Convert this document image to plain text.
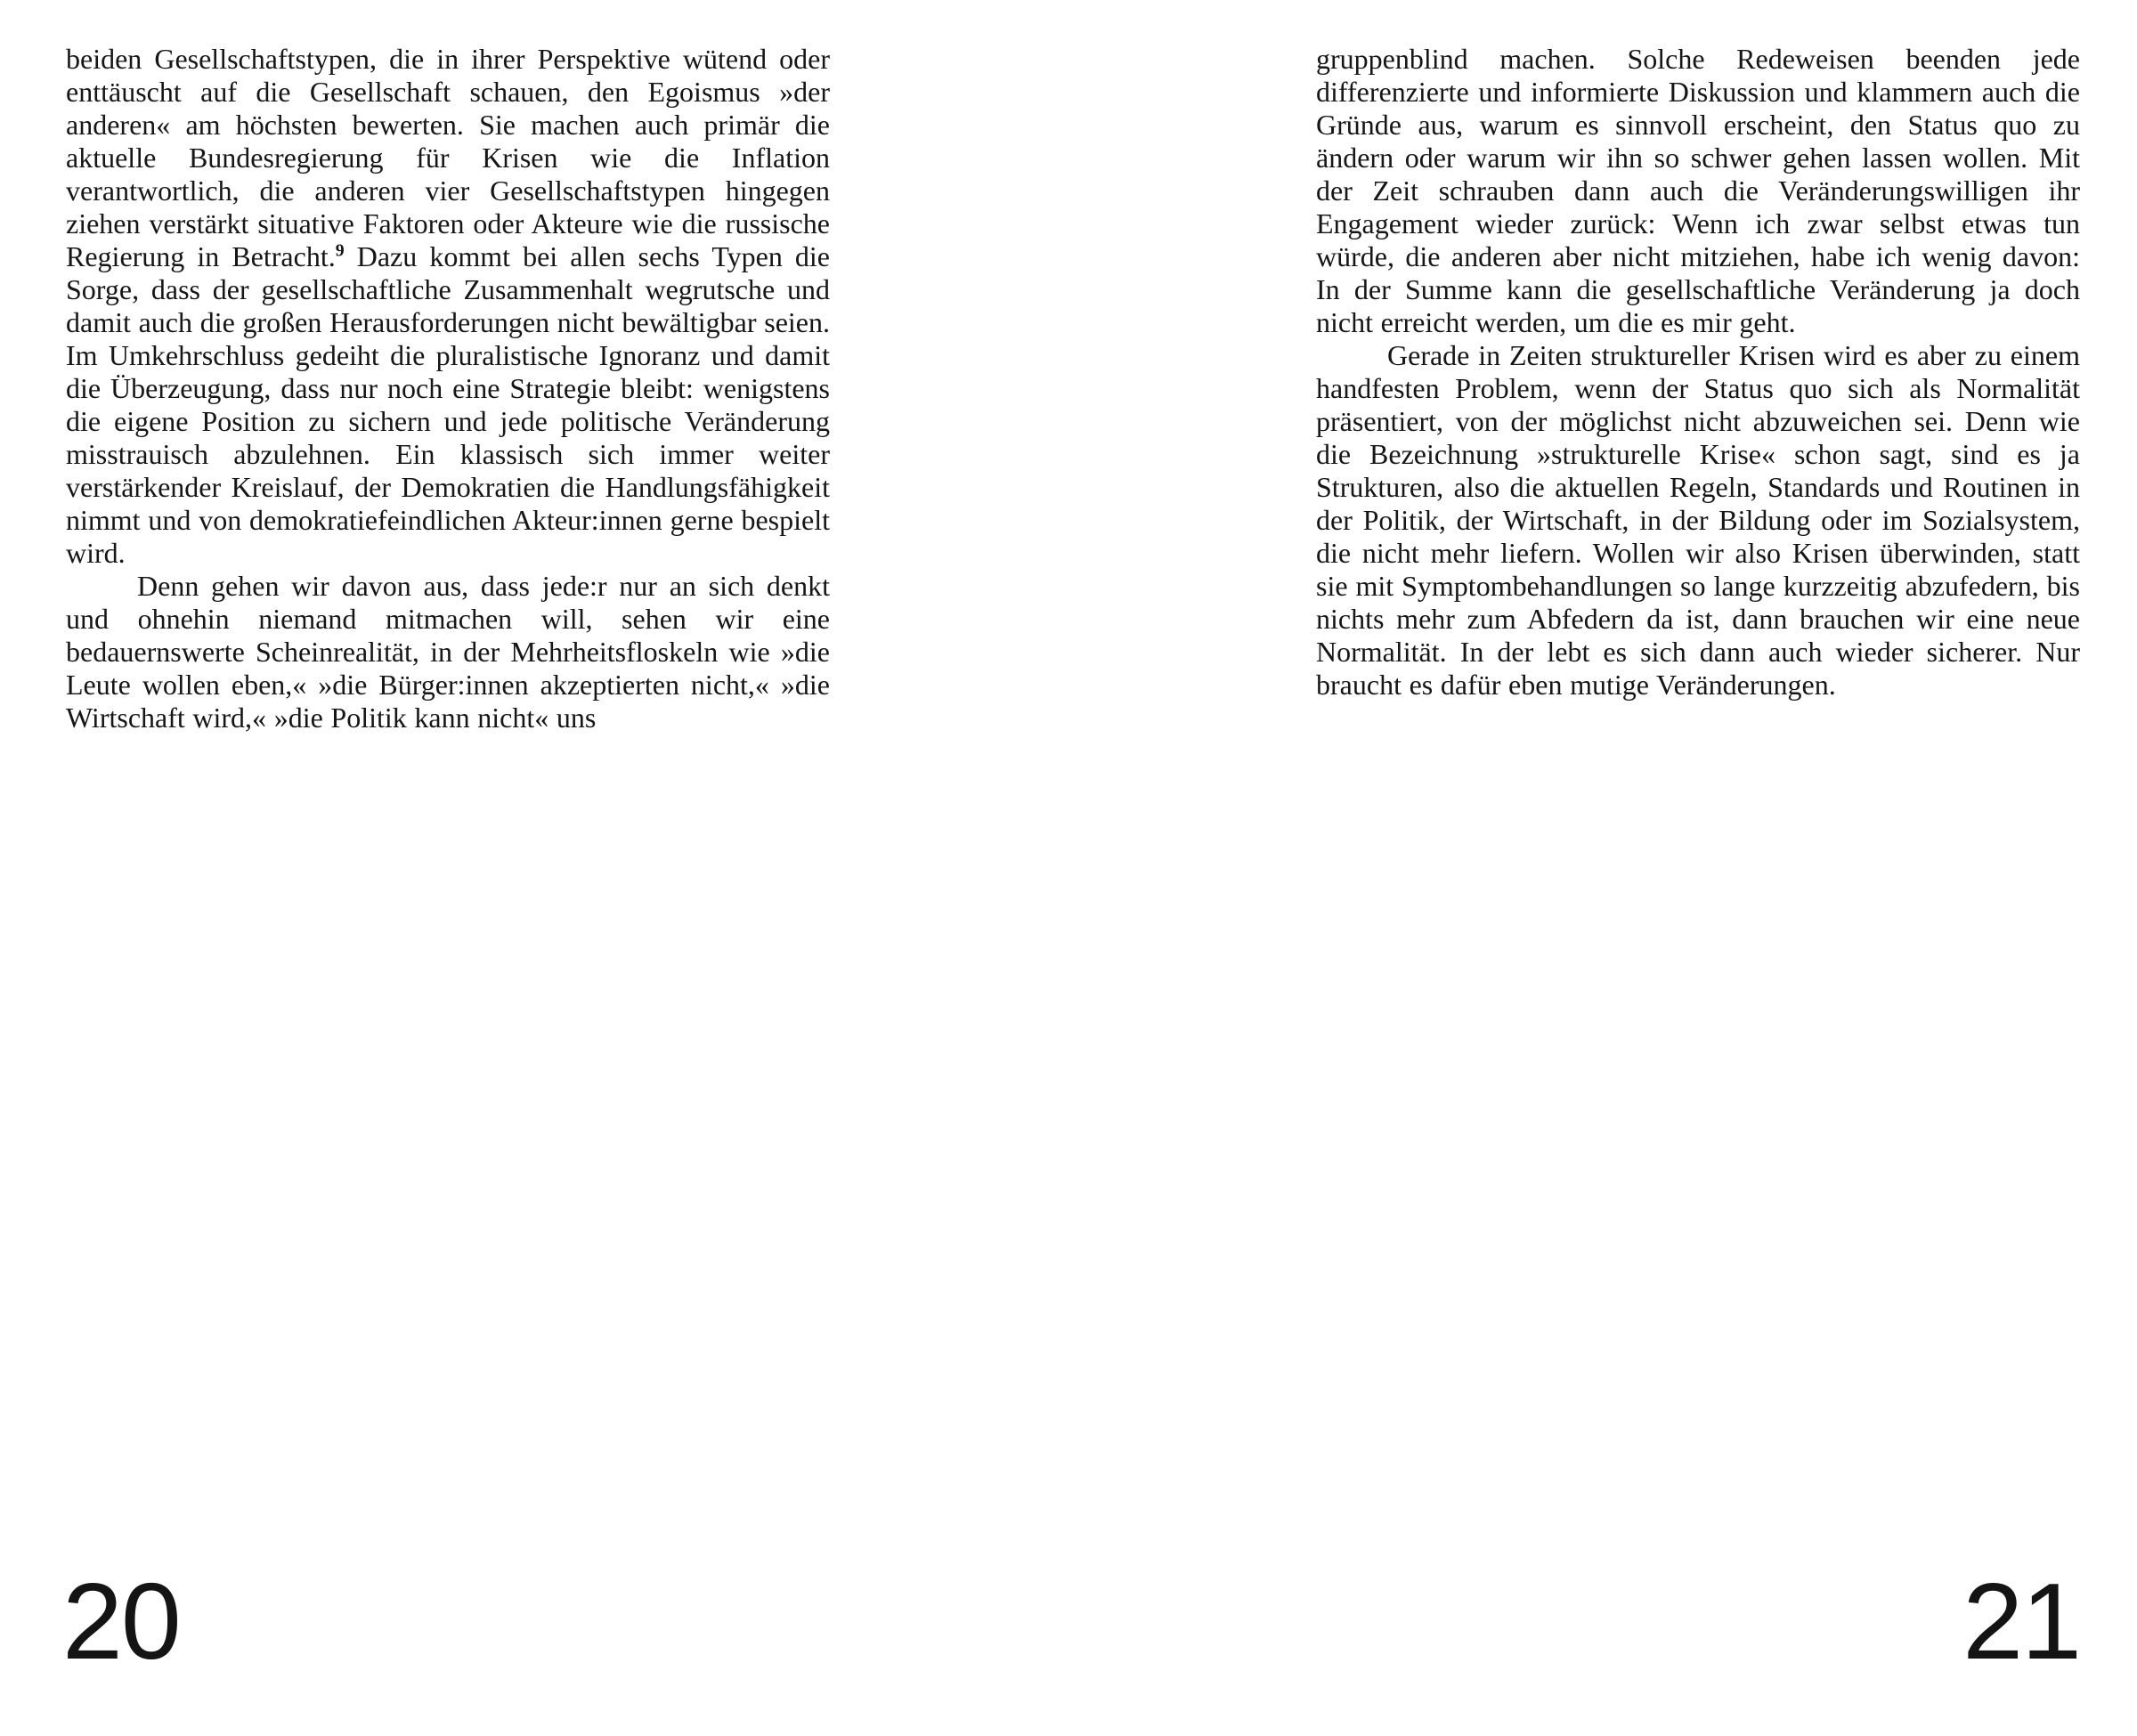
beiden Gesellschaftstypen, die in ihrer Perspektive wütend oder enttäuscht auf die Gesellschaft schauen, den Egoismus »der anderen« am höchsten bewerten. Sie machen auch primär die aktuelle Bundesregierung für Krisen wie die Inflation verantwortlich, die anderen vier Gesellschaftstypen hingegen ziehen verstärkt situative Faktoren oder Akteure wie die russische Regierung in Betracht.$^9$ Dazu kommt bei allen sechs Typen die Sorge, dass der gesellschaftliche Zusammenhalt wegrutsche und damit auch die großen Herausforderungen nicht bewältigbar seien. Im Umkehrschluss gedeiht die pluralistische Ignoranz und damit die Überzeugung, dass nur noch eine Strategie bleibt: wenigstens die eigene Position zu sichern und jede politische Veränderung misstrauisch abzulehnen. Ein klassisch sich immer weiter verstärkender Kreislauf, der Demokratien die Handlungsfähigkeit nimmt und von demokratiefeindlichen Akteur:innen gerne bespielt wird.

Denn gehen wir davon aus, dass jede:r nur an sich denkt und ohnehin niemand mitmachen will, sehen wir eine bedauernswerte Scheinrealität, in der Mehrheitsfloskeln wie »die Leute wollen eben,« »die Bürger:innen akzeptierten nicht,« »die Wirtschaft wird,« »die Politik kann nicht« uns

20

gruppenblind machen. Solche Redeweisen beenden jede differenzierte und informierte Diskussion und klammern auch die Gründe aus, warum es sinnvoll erscheint, den Status quo zu ändern oder warum wir ihn so schwer gehen lassen wollen. Mit der Zeit schrauben dann auch die Veränderungswilligen ihr Engagement wieder zurück: Wenn ich zwar selbst etwas tun würde, die anderen aber nicht mitziehen, habe ich wenig davon: In der Summe kann die gesellschaftliche Veränderung ja doch nicht erreicht werden, um die es mir geht.

Gerade in Zeiten struktureller Krisen wird es aber zu einem handfesten Problem, wenn der Status quo sich als Normalität präsentiert, von der möglichst nicht abzuweichen sei. Denn wie die Bezeichnung »strukturelle Krise« schon sagt, sind es ja Strukturen, also die aktuellen Regeln, Standards und Routinen in der Politik, der Wirtschaft, in der Bildung oder im Sozialsystem, die nicht mehr liefern. Wollen wir also Krisen überwinden, statt sie mit Symptombehandlungen so lange kurzzeitig abzufedern, bis nichts mehr zum Abfedern da ist, dann brauchen wir eine neue Normalität. In der lebt es sich dann auch wieder sicherer. Nur braucht es dafür eben mutige Veränderungen.

21
